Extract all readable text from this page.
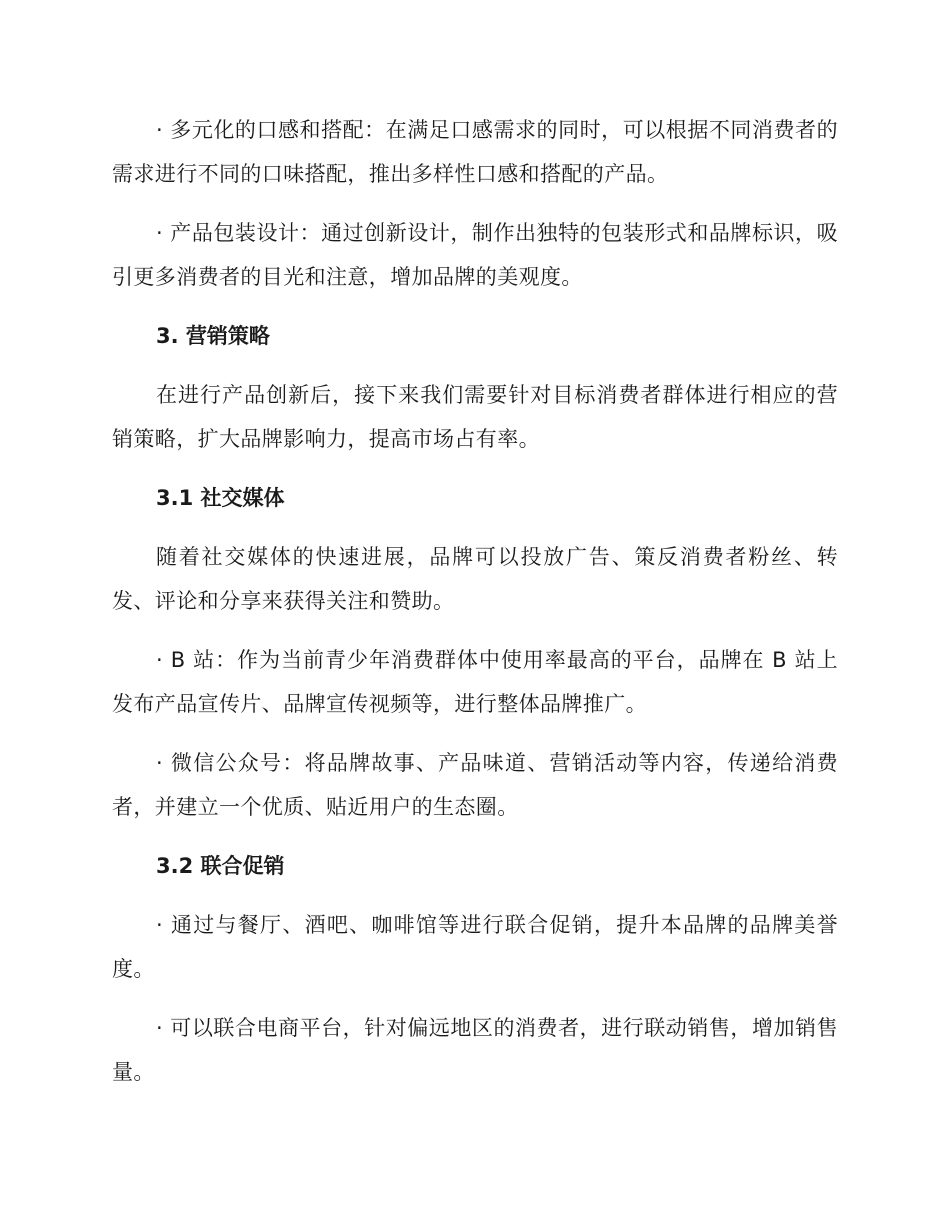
· 多元化的口感和搭配：在满足口感需求的同时，可以根据不同消费者的需求进行不同的口味搭配，推出多样性口感和搭配的产品。

· 产品包装设计：通过创新设计，制作出独特的包装形式和品牌标识，吸引更多消费者的目光和注意，增加品牌的美观度。

3. 营销策略

在进行产品创新后，接下来我们需要针对目标消费者群体进行相应的营销策略，扩大品牌影响力，提高市场占有率。

3.1 社交媒体

随着社交媒体的快速进展，品牌可以投放广告、策反消费者粉丝、转发、评论和分享来获得关注和赞助。

· B 站：作为当前青少年消费群体中使用率最高的平台，品牌在 B 站上发布产品宣传片、品牌宣传视频等，进行整体品牌推广。

· 微信公众号：将品牌故事、产品味道、营销活动等内容，传递给消费者，并建立一个优质、贴近用户的生态圈。

3.2 联合促销

· 通过与餐厅、酒吧、咖啡馆等进行联合促销，提升本品牌的品牌美誉度。

· 可以联合电商平台，针对偏远地区的消费者，进行联动销售，增加销售量。
